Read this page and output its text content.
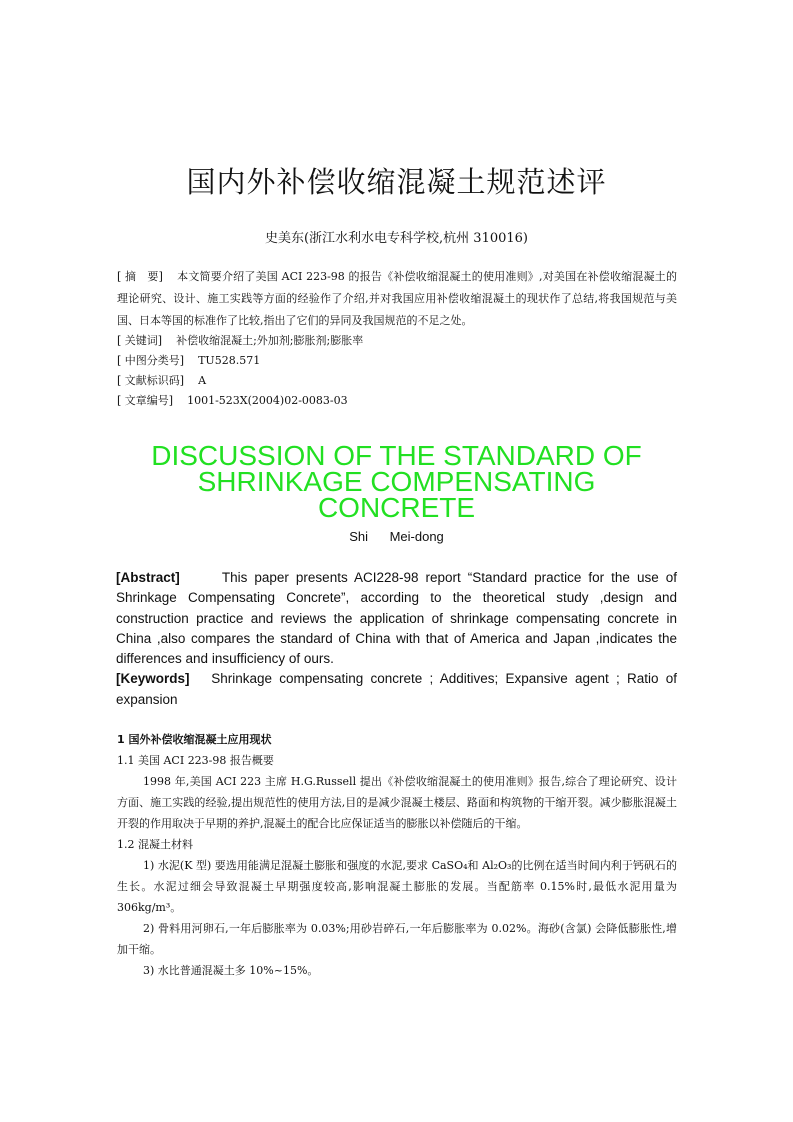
国内外补偿收缩混凝土规范述评
史美东(浙江水利水电专科学校,杭州 310016)
[ 摘　要] 本文简要介绍了美国 ACI 223-98 的报告《补偿收缩混凝土的使用准则》,对美国在补偿收缩混凝土的理论研究、设计、施工实践等方面的经验作了介绍,并对我国应用补偿收缩混凝土的现状作了总结,将我国规范与美国、日本等国的标准作了比较,指出了它们的异同及我国规范的不足之处。
[ 关键词] 补偿收缩混凝土;外加剂;膨胀剂;膨胀率
[ 中图分类号] TU528.571
[ 文献标识码] A
[ 文章编号] 1001-523X(2004)02-0083-03
DISCUSSION OF THE STANDARD OF
SHRINKAGE COMPENSATING
CONCRETE
Shi Mei-dong
[Abstract]	This paper presents ACI228-98 report “Standard practice for the use of Shrinkage Compensating Concrete”, according to the theoretical study ,design and construction practice and reviews the application of shrinkage compensating concrete in China ,also compares the standard of China with that of America and Japan ,indicates the differences and insufficiency of ours.
[Keywords] Shrinkage compensating concrete ; Additives; Expansive agent ; Ratio of expansion
1 国外补偿收缩混凝土应用现状
1.1 美国 ACI 223-98 报告概要
1998 年,美国 ACI 223 主席 H.G.Russell 提出《补偿收缩混凝土的使用准则》报告,综合了理论研究、设计方面、施工实践的经验,提出规范性的使用方法,目的是减少混凝土楼层、路面和构筑物的干缩开裂。减少膨胀混凝土开裂的作用取决于早期的养护,混凝土的配合比应保证适当的膨胀以补偿随后的干缩。
1.2 混凝土材料
1) 水泥(K 型) 要选用能满足混凝土膨胀和强度的水泥,要求 CaSO₄和 Al₂O₃的比例在适当时间内利于钙矾石的生长。水泥过细会导致混凝土早期强度较高,影响混凝土膨胀的发展。当配筋率 0.15%时,最低水泥用量为 306kg/m³。
2) 骨料用河卵石,一年后膨胀率为 0.03%;用砂岩碎石,一年后膨胀率为 0.02%。海砂(含氯) 会降低膨胀性,增加干缩。
3) 水比普通混凝土多 10%~15%。
